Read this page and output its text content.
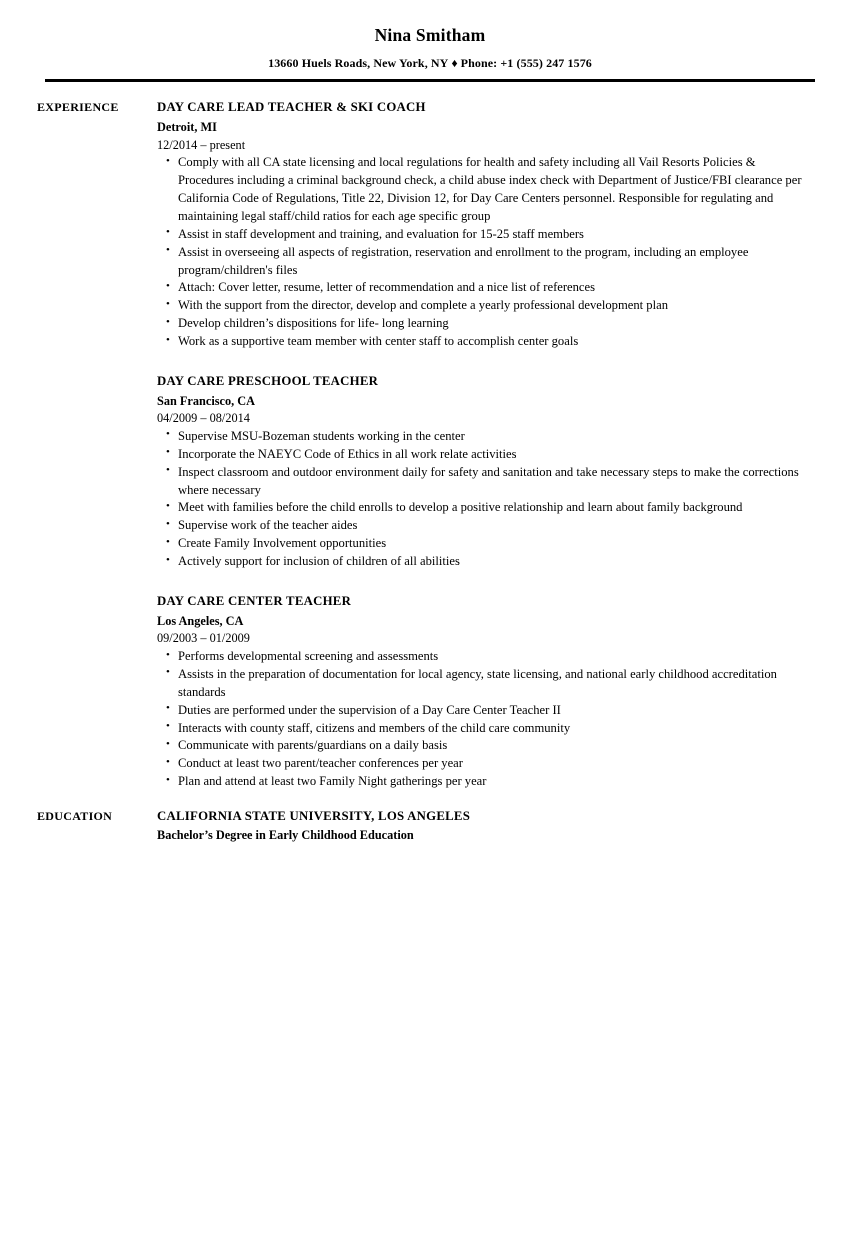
Nina Smitham
13660 Huels Roads, New York, NY ♦ Phone: +1 (555) 247 1576
EXPERIENCE	DAY CARE LEAD TEACHER & SKI COACH
Detroit, MI
12/2014 – present
• Comply with all CA state licensing and local regulations for health and safety including all Vail Resorts Policies & Procedures including a criminal background check, a child abuse index check with Department of Justice/FBI clearance per California Code of Regulations, Title 22, Division 12, for Day Care Centers personnel. Responsible for regulating and maintaining legal staff/child ratios for each age specific group
• Assist in staff development and training, and evaluation for 15-25 staff members
• Assist in overseeing all aspects of registration, reservation and enrollment to the program, including an employee program/children's files
• Attach: Cover letter, resume, letter of recommendation and a nice list of references
• With the support from the director, develop and complete a yearly professional development plan
• Develop children’s dispositions for life- long learning
• Work as a supportive team member with center staff to accomplish center goals
DAY CARE PRESCHOOL TEACHER
San Francisco, CA
04/2009 – 08/2014
• Supervise MSU-Bozeman students working in the center
• Incorporate the NAEYC Code of Ethics in all work relate activities
• Inspect classroom and outdoor environment daily for safety and sanitation and take necessary steps to make the corrections where necessary
• Meet with families before the child enrolls to develop a positive relationship and learn about family background
• Supervise work of the teacher aides
• Create Family Involvement opportunities
• Actively support for inclusion of children of all abilities
DAY CARE CENTER TEACHER
Los Angeles, CA
09/2003 – 01/2009
• Performs developmental screening and assessments
• Assists in the preparation of documentation for local agency, state licensing, and national early childhood accreditation standards
• Duties are performed under the supervision of a Day Care Center Teacher II
• Interacts with county staff, citizens and members of the child care community
• Communicate with parents/guardians on a daily basis
• Conduct at least two parent/teacher conferences per year
• Plan and attend at least two Family Night gatherings per year
EDUCATION	CALIFORNIA STATE UNIVERSITY, LOS ANGELES
Bachelor’s Degree in Early Childhood Education
